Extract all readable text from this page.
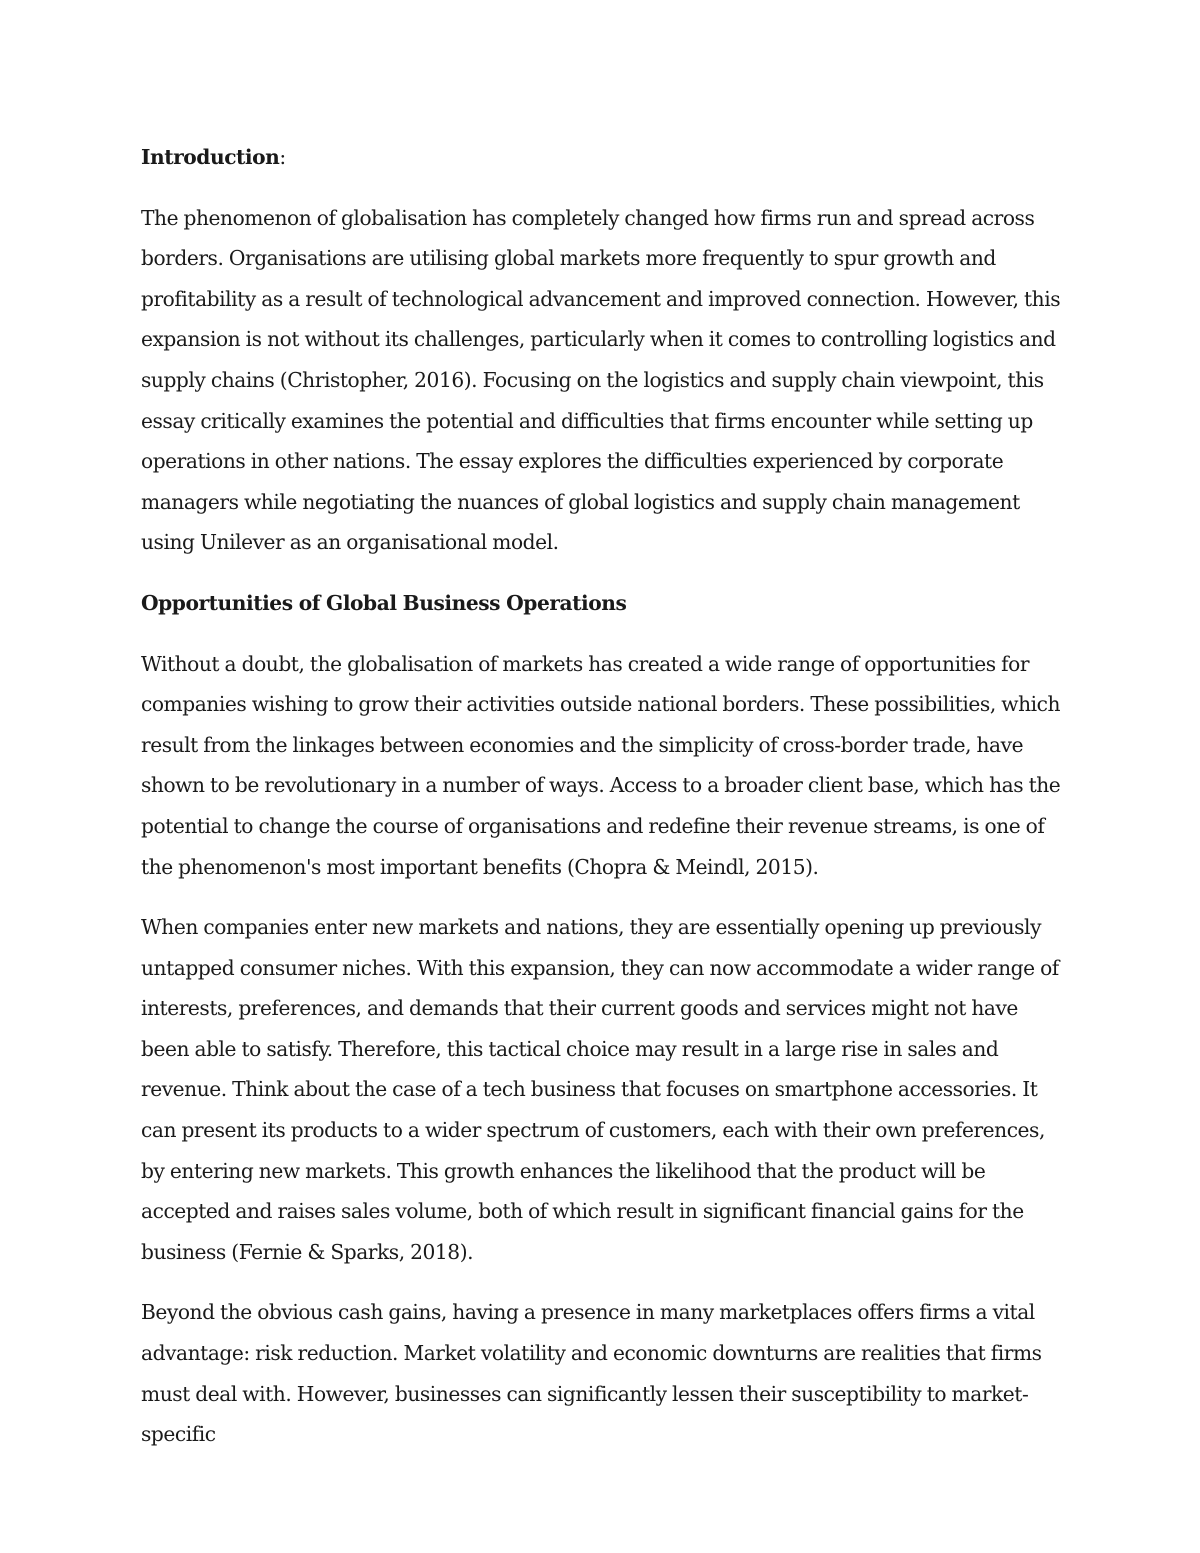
Introduction:

The phenomenon of globalisation has completely changed how firms run and spread across borders. Organisations are utilising global markets more frequently to spur growth and profitability as a result of technological advancement and improved connection. However, this expansion is not without its challenges, particularly when it comes to controlling logistics and supply chains (Christopher, 2016). Focusing on the logistics and supply chain viewpoint, this essay critically examines the potential and difficulties that firms encounter while setting up operations in other nations. The essay explores the difficulties experienced by corporate managers while negotiating the nuances of global logistics and supply chain management using Unilever as an organisational model.

Opportunities of Global Business Operations

Without a doubt, the globalisation of markets has created a wide range of opportunities for companies wishing to grow their activities outside national borders. These possibilities, which result from the linkages between economies and the simplicity of cross-border trade, have shown to be revolutionary in a number of ways. Access to a broader client base, which has the potential to change the course of organisations and redefine their revenue streams, is one of the phenomenon's most important benefits (Chopra & Meindl, 2015).

When companies enter new markets and nations, they are essentially opening up previously untapped consumer niches. With this expansion, they can now accommodate a wider range of interests, preferences, and demands that their current goods and services might not have been able to satisfy. Therefore, this tactical choice may result in a large rise in sales and revenue. Think about the case of a tech business that focuses on smartphone accessories. It can present its products to a wider spectrum of customers, each with their own preferences, by entering new markets. This growth enhances the likelihood that the product will be accepted and raises sales volume, both of which result in significant financial gains for the business (Fernie & Sparks, 2018).

Beyond the obvious cash gains, having a presence in many marketplaces offers firms a vital advantage: risk reduction. Market volatility and economic downturns are realities that firms must deal with. However, businesses can significantly lessen their susceptibility to market-specific
